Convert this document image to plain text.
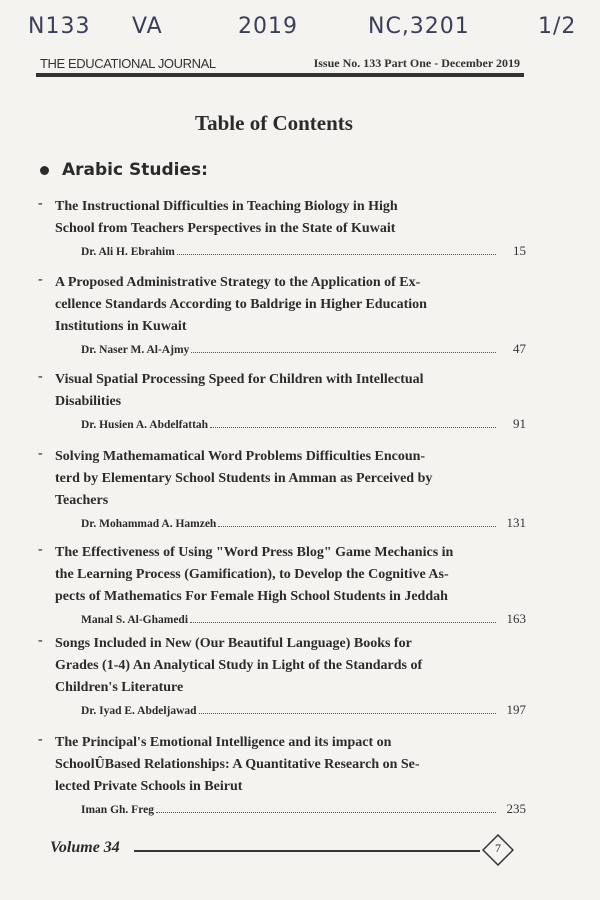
N‎133 VA	2019	NC,3201	1/2
THE EDUCATIONAL JOURNAL	Issue No. 133 Part One - December 2019
Table of Contents
Arabic Studies:
- The Instructional Difficulties in Teaching Biology in High
School from Teachers Perspectives in the State of Kuwait
Dr. Ali H. Ebrahim	15
- A Proposed Administrative Strategy to the Application of Ex-
cellence Standards According to Baldrige in Higher Education
Institutions in Kuwait
Dr. Naser M. Al-Ajmy	47
- Visual Spatial Processing Speed for Children with Intellectual
Disabilities
Dr. Husien A. Abdelfattah	91
- Solving Mathemamatical Word Problems Difficulties Encoun-
terd by Elementary School Students in Amman as Perceived by
Teachers
Dr. Mohammad A. Hamzeh	131
- The Effectiveness of Using "Word Press Blog" Game Mechanics in
the Learning Process (Gamification), to Develop the Cognitive As-
pects of Mathematics For Female High School Students in Jeddah
Manal S. Al-Ghamedi	163
- Songs Included in New (Our Beautiful Language) Books for
Grades (1-4) An Analytical Study in Light of the Standards of
Children's Literature
Dr. Iyad E. Abdeljawad	197
- The Principal's Emotional Intelligence and its impact on
SchoolÛBased Relationships: A Quantitative Research on Se-
lected Private Schools in Beirut
Iman Gh. Freg	235
Volume 34	7
